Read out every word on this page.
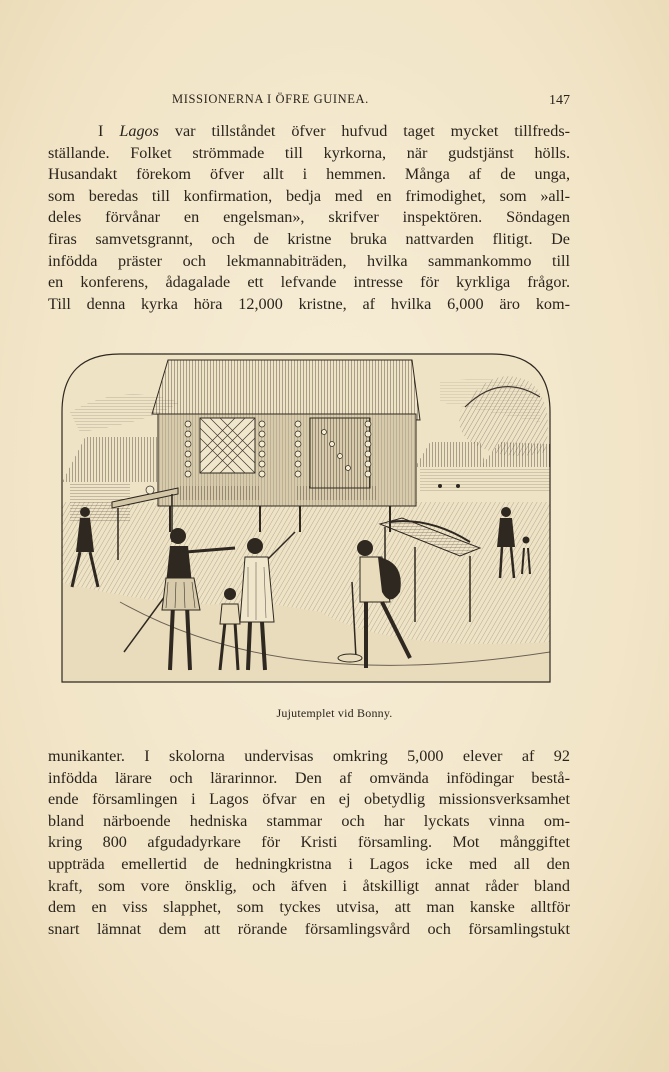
MISSIONERNA I ÖFRE GUINEA.	147
I Lagos var tillståndet öfver hufvud taget mycket tillfreds-
ställande. Folket strömmade till kyrkorna, när gudstjänst hölls.
Husandakt förekom öfver allt i hemmen. Många af de unga,
som beredas till konfirmation, bedja med en frimodighet, som »all-
deles förvånar en engelsman», skrifver inspektören. Söndagen
firas samvetsgrannt, och de kristne bruka nattvarden flitigt. De
infödda präster och lekmannabiträden, hvilka sammankommo till
en konferens, ådagalade ett lefvande intresse för kyrkliga frågor.
Till denna kyrka höra 12,000 kristne, af hvilka 6,000 äro kom-
Jujutemplet vid Bonny.
munikanter. I skolorna undervisas omkring 5,000 elever af 92
infödda lärare och lärarinnor. Den af omvända infödingar bestå-
ende församlingen i Lagos öfvar en ej obetydlig missionsverksamhet
bland närboende hedniska stammar och har lyckats vinna om-
kring 800 afgudadyrkare för Kristi församling. Mot månggiftet
uppträda emellertid de hedningkristna i Lagos icke med all den
kraft, som vore önsklig, och äfven i åtskilligt annat råder bland
dem en viss slapphet, som tyckes utvisa, att man kanske alltför
snart lämnat dem att rörande församlingsvård och församlingstukt
